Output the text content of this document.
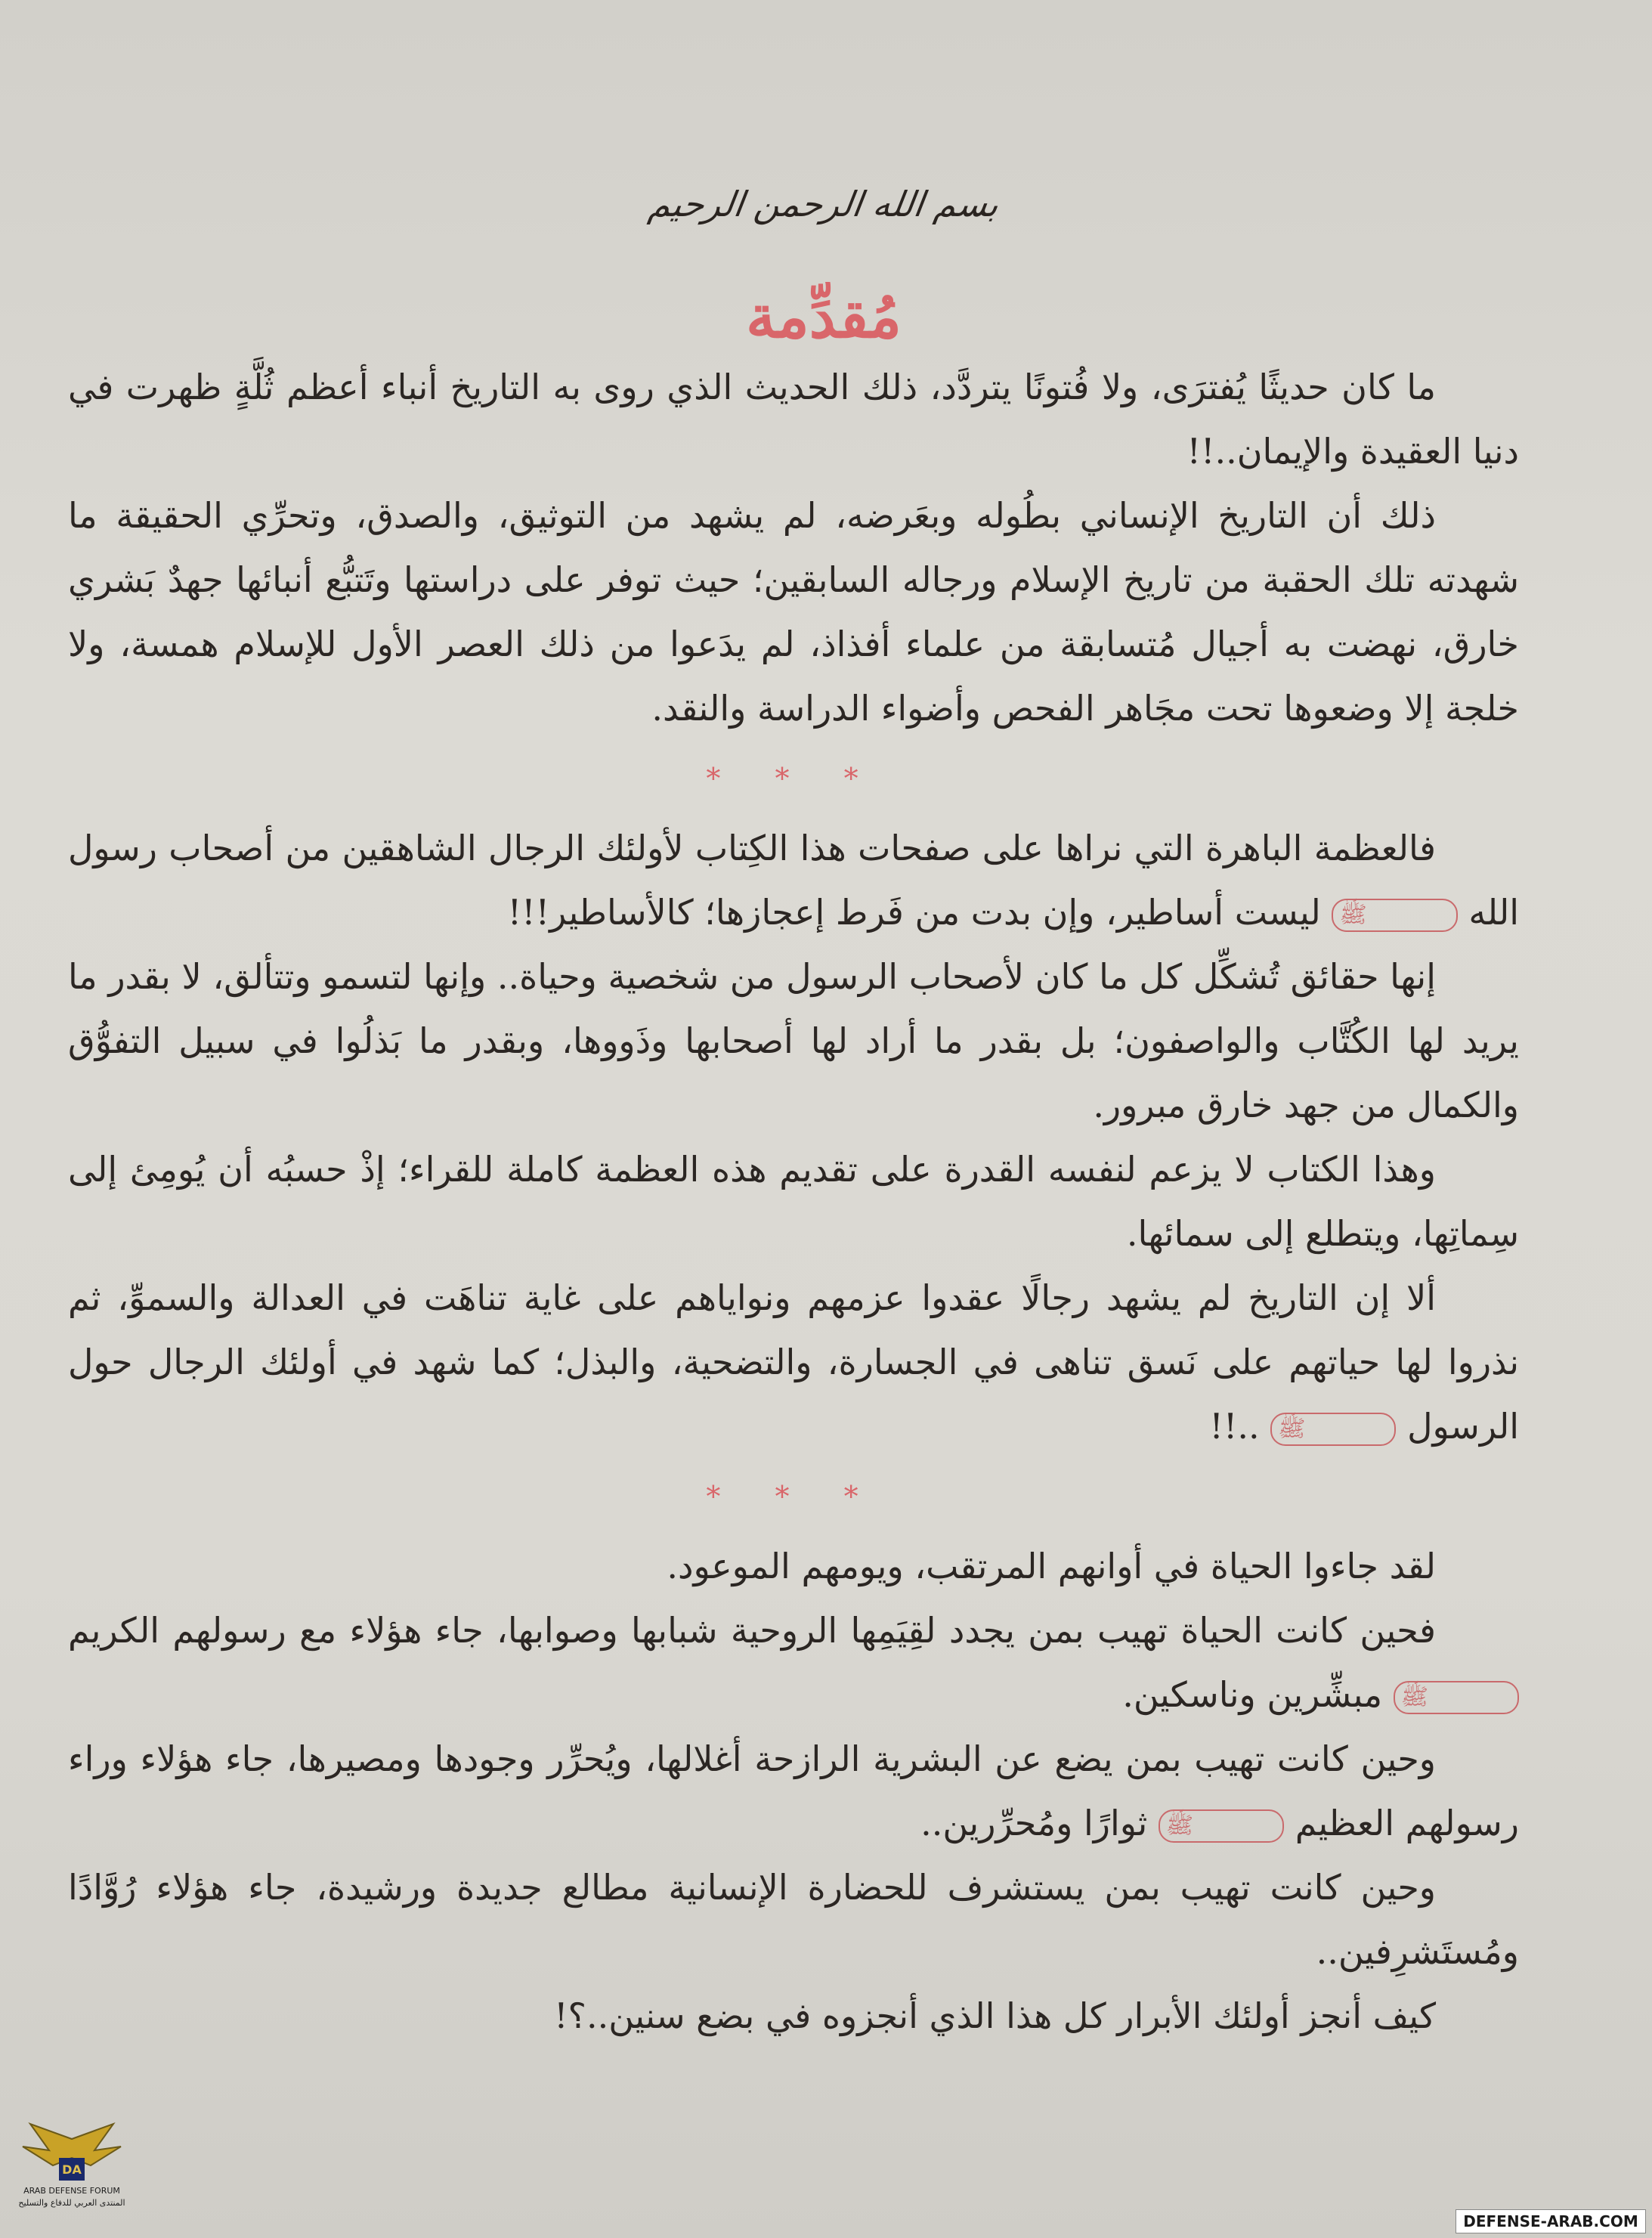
بسم الله الرحمن الرحيم
مُقدِّمة

ما كان حديثًا يُفترَى، ولا فُتونًا يتردَّد، ذلك الحديث الذي روى به التاريخ أنباء أعظم ثُلَّةٍ ظهرت في دنيا العقيدة والإيمان..!!

ذلك أن التاريخ الإنساني بطُوله وبعَرضه، لم يشهد من التوثيق، والصدق، وتحرِّي الحقيقة ما شهدته تلك الحقبة من تاريخ الإسلام ورجاله السابقين؛ حيث توفر على دراستها وتَتبُّع أنبائها جهدٌ بَشري خارق، نهضت به أجيال مُتسابقة من علماء أفذاذ، لم يدَعوا من ذلك العصر الأول للإسلام همسة، ولا خلجة إلا وضعوها تحت مجَاهر الفحص وأضواء الدراسة والنقد.

* * *

فالعظمة الباهرة التي نراها على صفحات هذا الكِتاب لأولئك الرجال الشاهقين من أصحاب رسول الله ﷺ ليست أساطير، وإن بدت من فَرط إعجازها؛ كالأساطير!!!

إنها حقائق تُشكِّل كل ما كان لأصحاب الرسول من شخصية وحياة.. وإنها لتسمو وتتألق، لا بقدر ما يريد لها الكُتَّاب والواصفون؛ بل بقدر ما أراد لها أصحابها وذَووها، وبقدر ما بَذلُوا في سبيل التفوُّق والكمال من جهد خارق مبرور.

وهذا الكتاب لا يزعم لنفسه القدرة على تقديم هذه العظمة كاملة للقراء؛ إذْ حسبُه أن يُومِئ إلى سِماتِها، ويتطلع إلى سمائها.

ألا إن التاريخ لم يشهد رجالًا عقدوا عزمهم ونواياهم على غاية تناهَت في العدالة والسموِّ، ثم نذروا لها حياتهم على نَسق تناهى في الجسارة، والتضحية، والبذل؛ كما شهد في أولئك الرجال حول الرسول ﷺ ..!!

* * *

لقد جاءوا الحياة في أوانهم المرتقب، ويومهم الموعود.

فحين كانت الحياة تهيب بمن يجدد لقِيَمِها الروحية شبابها وصوابها، جاء هؤلاء مع رسولهم الكريم ﷺ مبشِّرين وناسكين.

وحين كانت تهيب بمن يضع عن البشرية الرازحة أغلالها، ويُحرِّر وجودها ومصيرها، جاء هؤلاء وراء رسولهم العظيم ﷺ ثوارًا ومُحرِّرين..

وحين كانت تهيب بمن يستشرف للحضارة الإنسانية مطالع جديدة ورشيدة، جاء هؤلاء رُوَّادًا ومُستَشرِفين..

كيف أنجز أولئك الأبرار كل هذا الذي أنجزوه في بضع سنين..؟!

DA
ARAB DEFENSE FORUM
المنتدى العربي للدفاع والتسليح
DEFENSE-ARAB.COM
